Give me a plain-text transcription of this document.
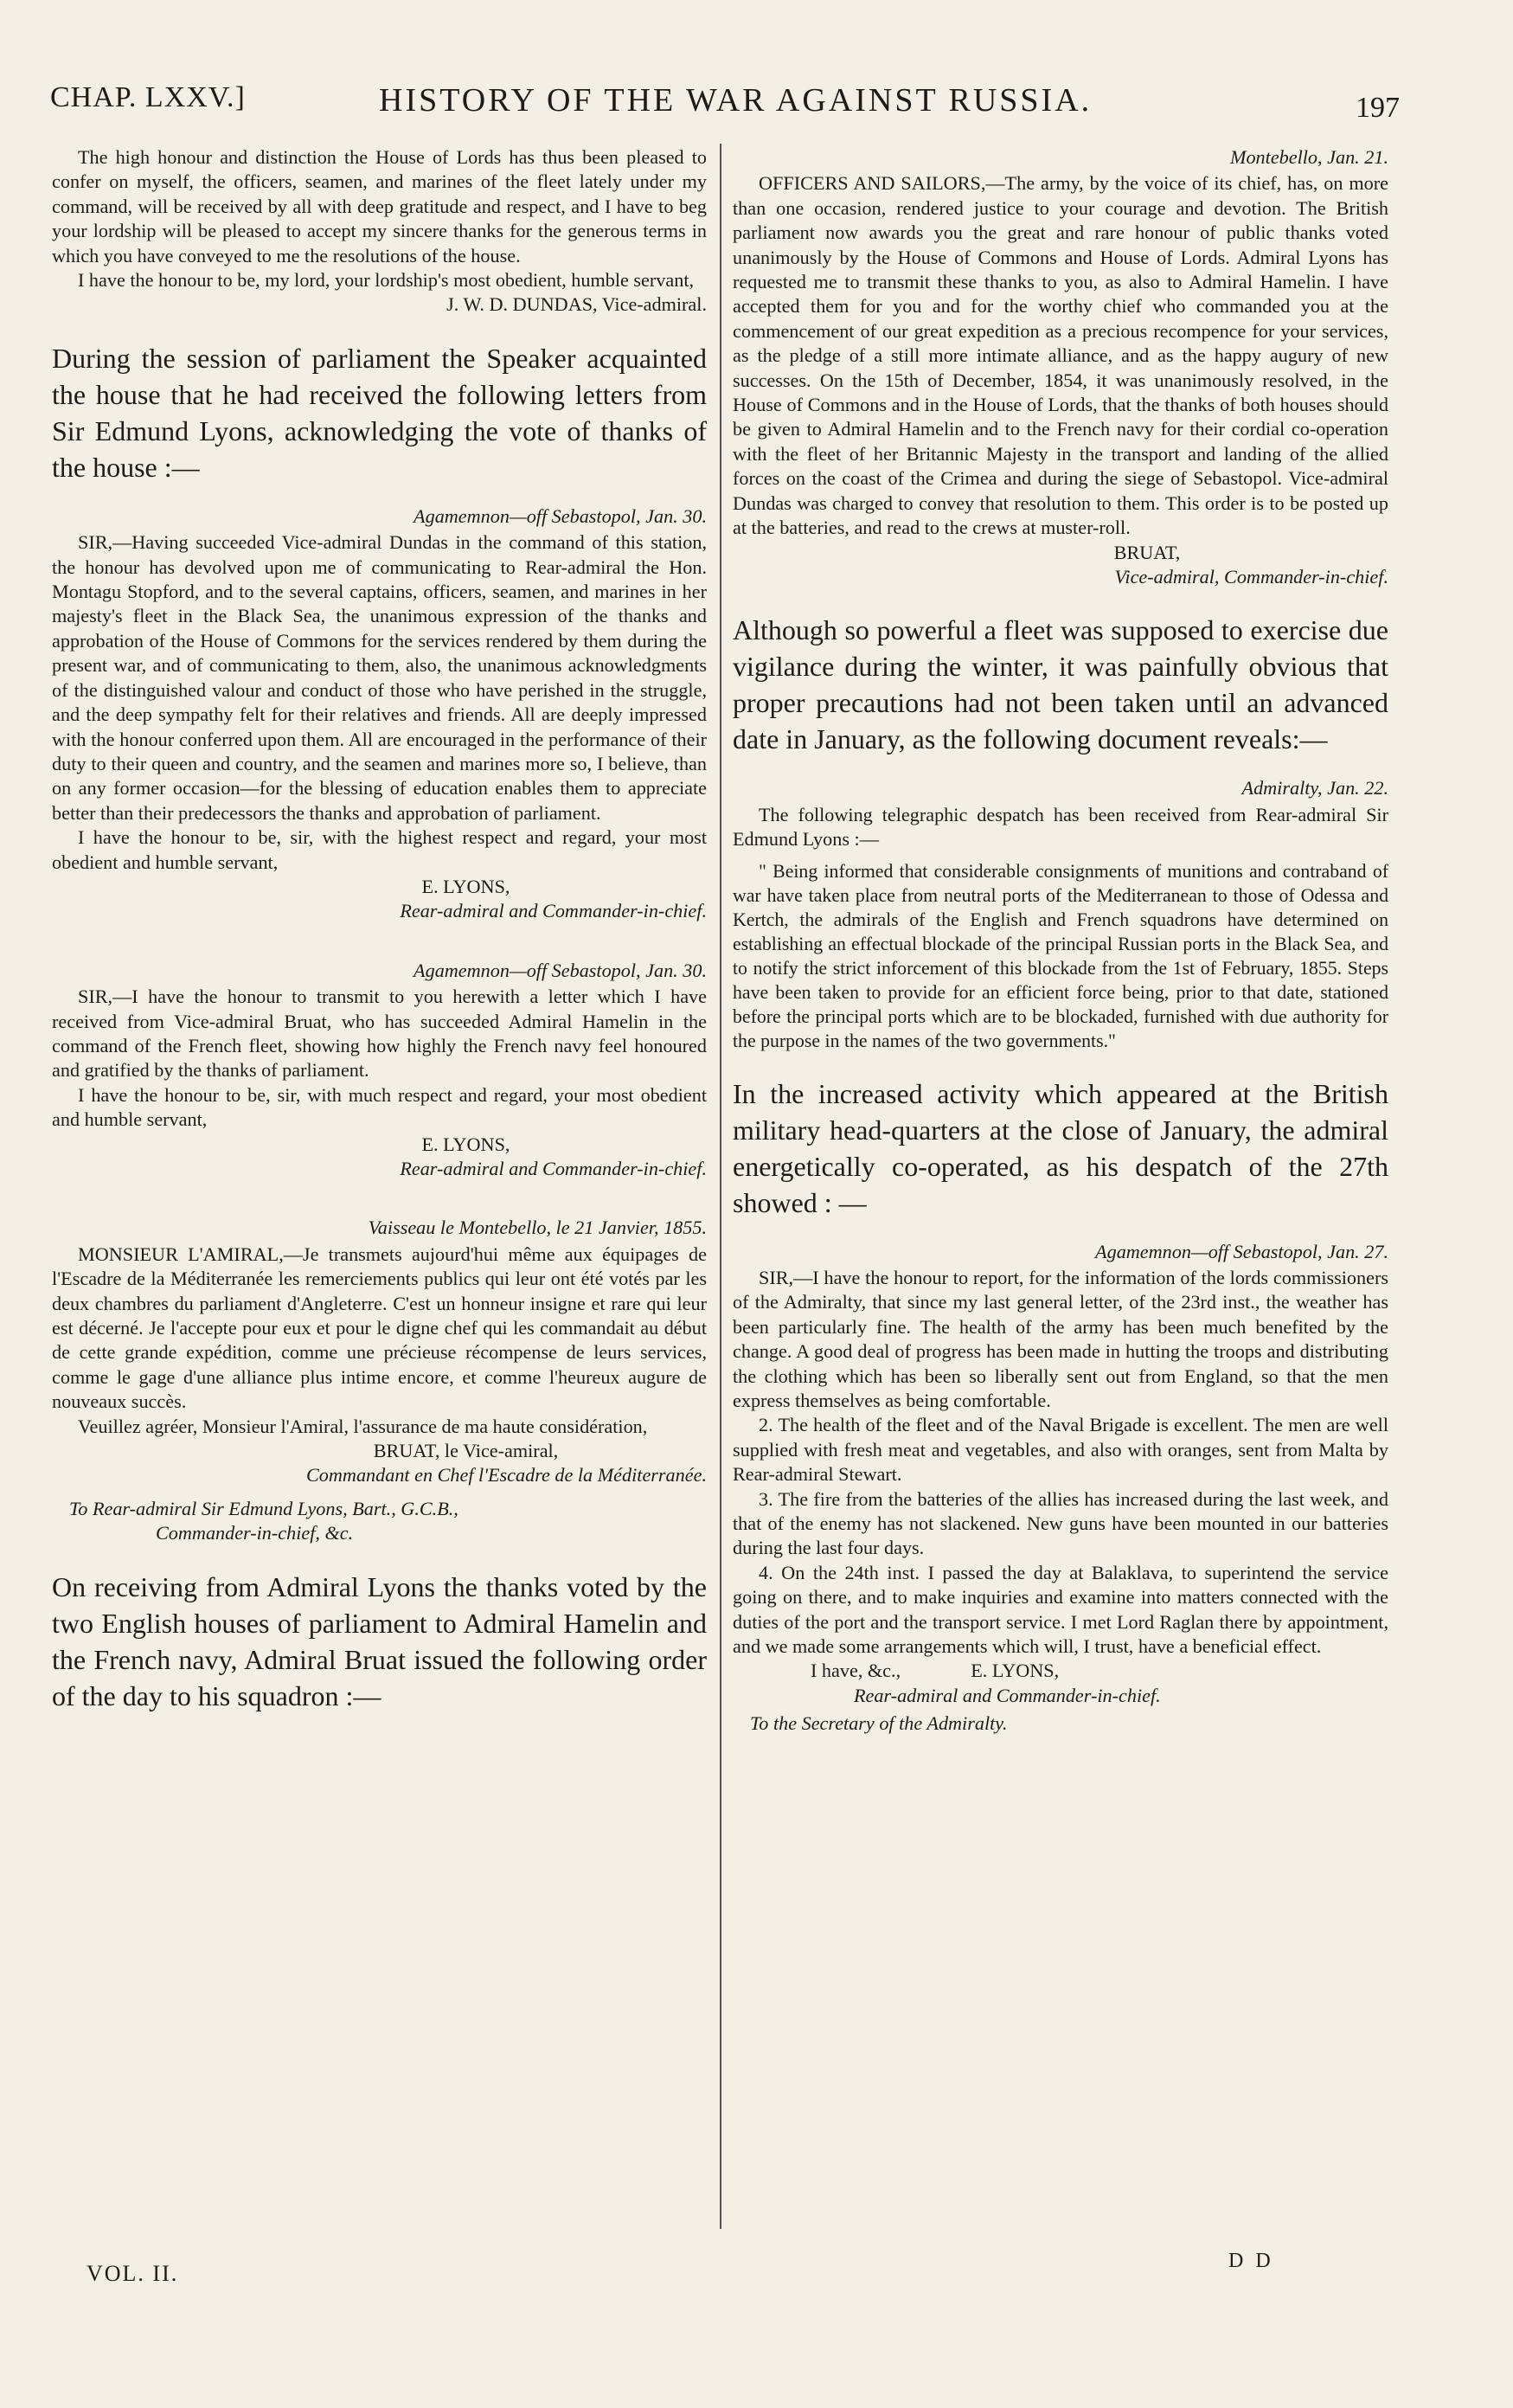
CHAP. LXXV.]	HISTORY OF THE WAR AGAINST RUSSIA.	197

The high honour and distinction the House of Lords has thus been pleased to confer on myself, the officers, seamen, and marines of the fleet lately under my command, will be received by all with deep gratitude and respect, and I have to beg your lordship will be pleased to accept my sincere thanks for the generous terms in which you have conveyed to me the resolutions of the house.

I have the honour to be, my lord, your lordship's most obedient, humble servant,

J. W. D. DUNDAS, Vice-admiral.

During the session of parliament the Speaker acquainted the house that he had received the following letters from Sir Edmund Lyons, acknowledging the vote of thanks of the house :—

Agamemnon—off Sebastopol, Jan. 30.

SIR,—Having succeeded Vice-admiral Dundas in the command of this station, the honour has devolved upon me of communicating to Rear-admiral the Hon. Montagu Stopford, and to the several captains, officers, seamen, and marines in her majesty's fleet in the Black Sea, the unanimous expression of the thanks and approbation of the House of Commons for the services rendered by them during the present war, and of communicating to them, also, the unanimous acknowledgments of the distinguished valour and conduct of those who have perished in the struggle, and the deep sympathy felt for their relatives and friends. All are deeply impressed with the honour conferred upon them. All are encouraged in the performance of their duty to their queen and country, and the seamen and marines more so, I believe, than on any former occasion—for the blessing of education enables them to appreciate better than their predecessors the thanks and approbation of parliament.

I have the honour to be, sir, with the highest respect and regard, your most obedient and humble servant,

E. LYONS,

Rear-admiral and Commander-in-chief.

Agamemnon—off Sebastopol, Jan. 30.

SIR,—I have the honour to transmit to you herewith a letter which I have received from Vice-admiral Bruat, who has succeeded Admiral Hamelin in the command of the French fleet, showing how highly the French navy feel honoured and gratified by the thanks of parliament.

I have the honour to be, sir, with much respect and regard, your most obedient and humble servant,

E. LYONS,

Rear-admiral and Commander-in-chief.

Vaisseau le Montebello, le 21 Janvier, 1855.

MONSIEUR L'AMIRAL,—Je transmets aujourd'hui même aux équipages de l'Escadre de la Méditerranée les remerciements publics qui leur ont été votés par les deux chambres du parliament d'Angleterre. C'est un honneur insigne et rare qui leur est décerné. Je l'accepte pour eux et pour le digne chef qui les commandait au début de cette grande expédition, comme une précieuse récompense de leurs services, comme le gage d'une alliance plus intime encore, et comme l'heureux augure de nouveaux succès.

Veuillez agréer, Monsieur l'Amiral, l'assurance de ma haute considération,

BRUAT, le Vice-amiral,

Commandant en Chef l'Escadre de la Méditerranée.

To Rear-admiral Sir Edmund Lyons, Bart., G.C.B.,

Commander-in-chief, &c.

On receiving from Admiral Lyons the thanks voted by the two English houses of parliament to Admiral Hamelin and the French navy, Admiral Bruat issued the following order of the day to his squadron :—

Montebello, Jan. 21.

OFFICERS AND SAILORS,—The army, by the voice of its chief, has, on more than one occasion, rendered justice to your courage and devotion. The British parliament now awards you the great and rare honour of public thanks voted unanimously by the House of Commons and House of Lords. Admiral Lyons has requested me to transmit these thanks to you, as also to Admiral Hamelin. I have accepted them for you and for the worthy chief who commanded you at the commencement of our great expedition as a precious recompence for your services, as the pledge of a still more intimate alliance, and as the happy augury of new successes. On the 15th of December, 1854, it was unanimously resolved, in the House of Commons and in the House of Lords, that the thanks of both houses should be given to Admiral Hamelin and to the French navy for their cordial co-operation with the fleet of her Britannic Majesty in the transport and landing of the allied forces on the coast of the Crimea and during the siege of Sebastopol. Vice-admiral Dundas was charged to convey that resolution to them. This order is to be posted up at the batteries, and read to the crews at muster-roll.

BRUAT,

Vice-admiral, Commander-in-chief.

Although so powerful a fleet was supposed to exercise due vigilance during the winter, it was painfully obvious that proper precautions had not been taken until an advanced date in January, as the following document reveals:—

Admiralty, Jan. 22.

The following telegraphic despatch has been received from Rear-admiral Sir Edmund Lyons :—

" Being informed that considerable consignments of munitions and contraband of war have taken place from neutral ports of the Mediterranean to those of Odessa and Kertch, the admirals of the English and French squadrons have determined on establishing an effectual blockade of the principal Russian ports in the Black Sea, and to notify the strict inforcement of this blockade from the 1st of February, 1855. Steps have been taken to provide for an efficient force being, prior to that date, stationed before the principal ports which are to be blockaded, furnished with due authority for the purpose in the names of the two governments."

In the increased activity which appeared at the British military head-quarters at the close of January, the admiral energetically co-operated, as his despatch of the 27th showed : —

Agamemnon—off Sebastopol, Jan. 27.

SIR,—I have the honour to report, for the information of the lords commissioners of the Admiralty, that since my last general letter, of the 23rd inst., the weather has been particularly fine. The health of the army has been much benefited by the change. A good deal of progress has been made in hutting the troops and distributing the clothing which has been so liberally sent out from England, so that the men express themselves as being comfortable.

2. The health of the fleet and of the Naval Brigade is excellent. The men are well supplied with fresh meat and vegetables, and also with oranges, sent from Malta by Rear-admiral Stewart.

3. The fire from the batteries of the allies has increased during the last week, and that of the enemy has not slackened. New guns have been mounted in our batteries during the last four days.

4. On the 24th inst. I passed the day at Balaklava, to superintend the service going on there, and to make inquiries and examine into matters connected with the duties of the port and the transport service. I met Lord Raglan there by appointment, and we made some arrangements which will, I trust, have a beneficial effect.

I have, &c.,	E. LYONS,

Rear-admiral and Commander-in-chief.

To the Secretary of the Admiralty.

VOL. II.	D D
